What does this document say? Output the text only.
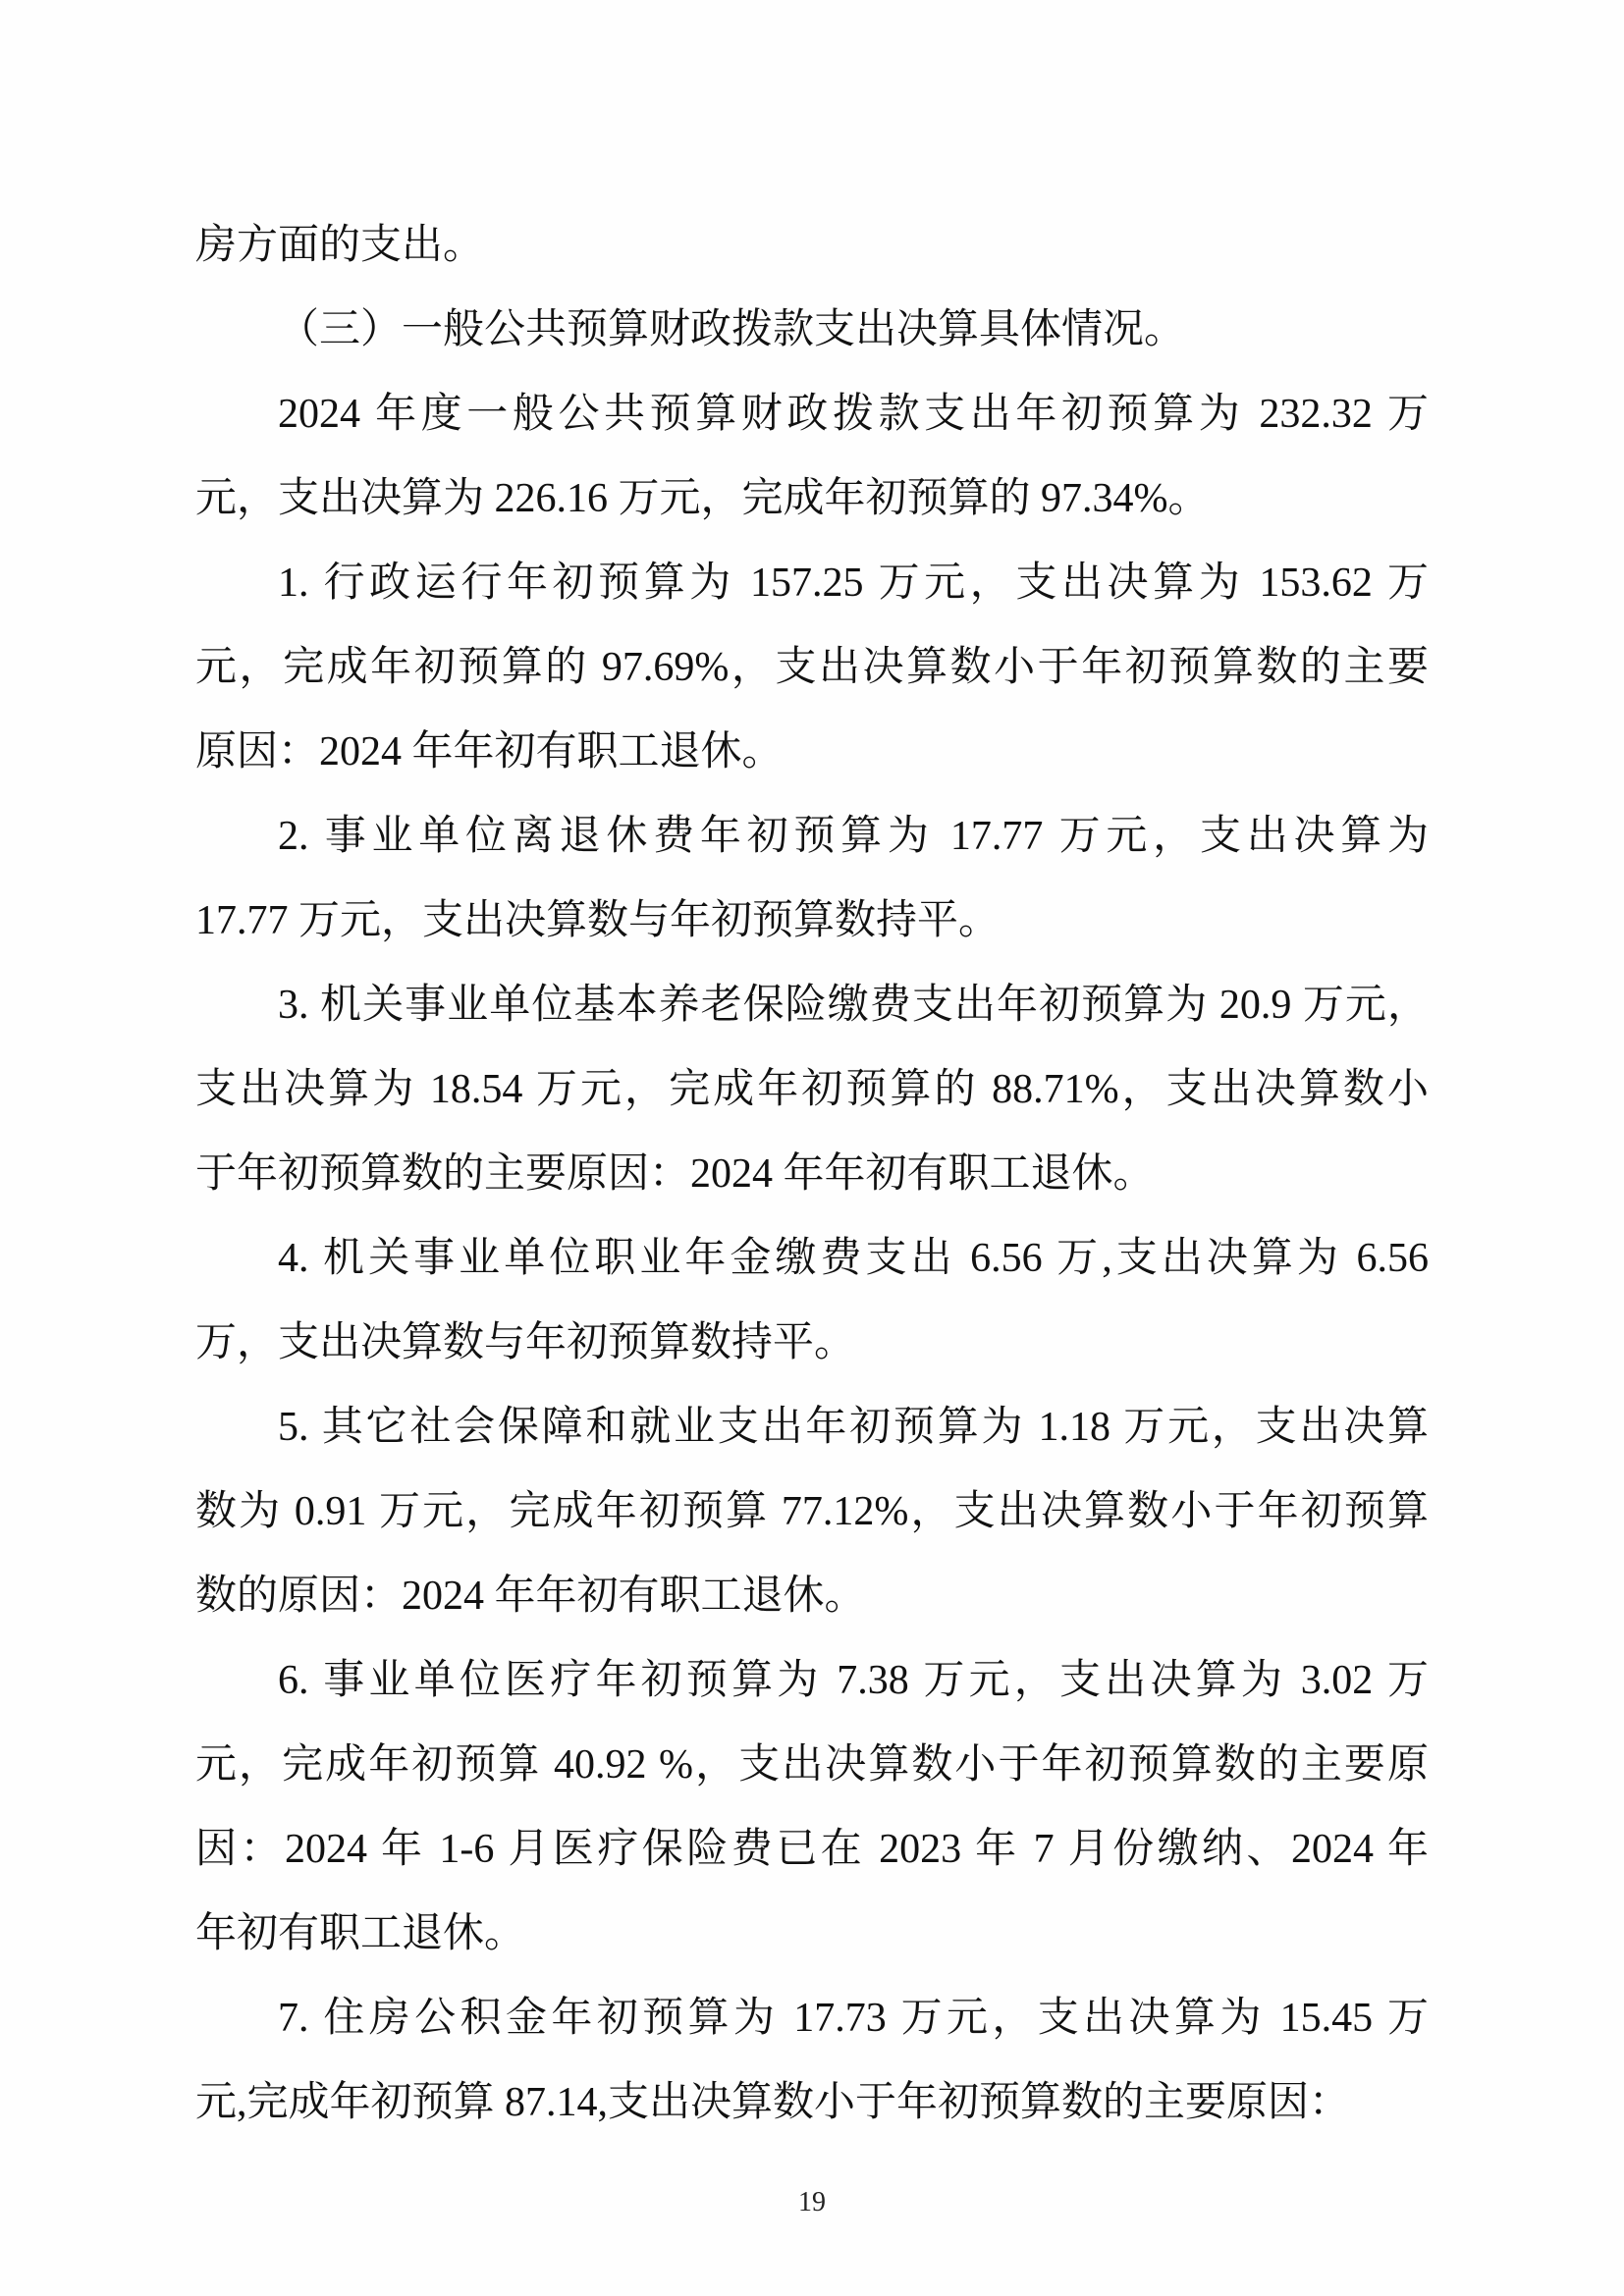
房方面的支出。
（三）一般公共预算财政拨款支出决算具体情况。
2024 年度一般公共预算财政拨款支出年初预算为 232.32 万
元，支出决算为 226.16 万元，完成年初预算的 97.34%。
1. 行政运行年初预算为 157.25 万元，支出决算为 153.62 万
元，完成年初预算的 97.69%，支出决算数小于年初预算数的主要
原因：2024 年年初有职工退休。
2. 事业单位离退休费年初预算为 17.77 万元，支出决算为
17.77 万元，支出决算数与年初预算数持平。
3. 机关事业单位基本养老保险缴费支出年初预算为 20.9 万元，
支出决算为 18.54 万元，完成年初预算的 88.71%，支出决算数小
于年初预算数的主要原因：2024 年年初有职工退休。
4. 机关事业单位职业年金缴费支出 6.56 万,支出决算为 6.56
万，支出决算数与年初预算数持平。
5. 其它社会保障和就业支出年初预算为 1.18 万元，支出决算
数为 0.91 万元，完成年初预算 77.12%，支出决算数小于年初预算
数的原因：2024 年年初有职工退休。
6. 事业单位医疗年初预算为 7.38 万元，支出决算为 3.02 万
元，完成年初预算 40.92 %，支出决算数小于年初预算数的主要原
因：2024 年 1-6 月医疗保险费已在 2023 年 7 月份缴纳、2024 年
年初有职工退休。
7. 住房公积金年初预算为 17.73 万元，支出决算为 15.45 万
元,完成年初预算 87.14,支出决算数小于年初预算数的主要原因：
19
